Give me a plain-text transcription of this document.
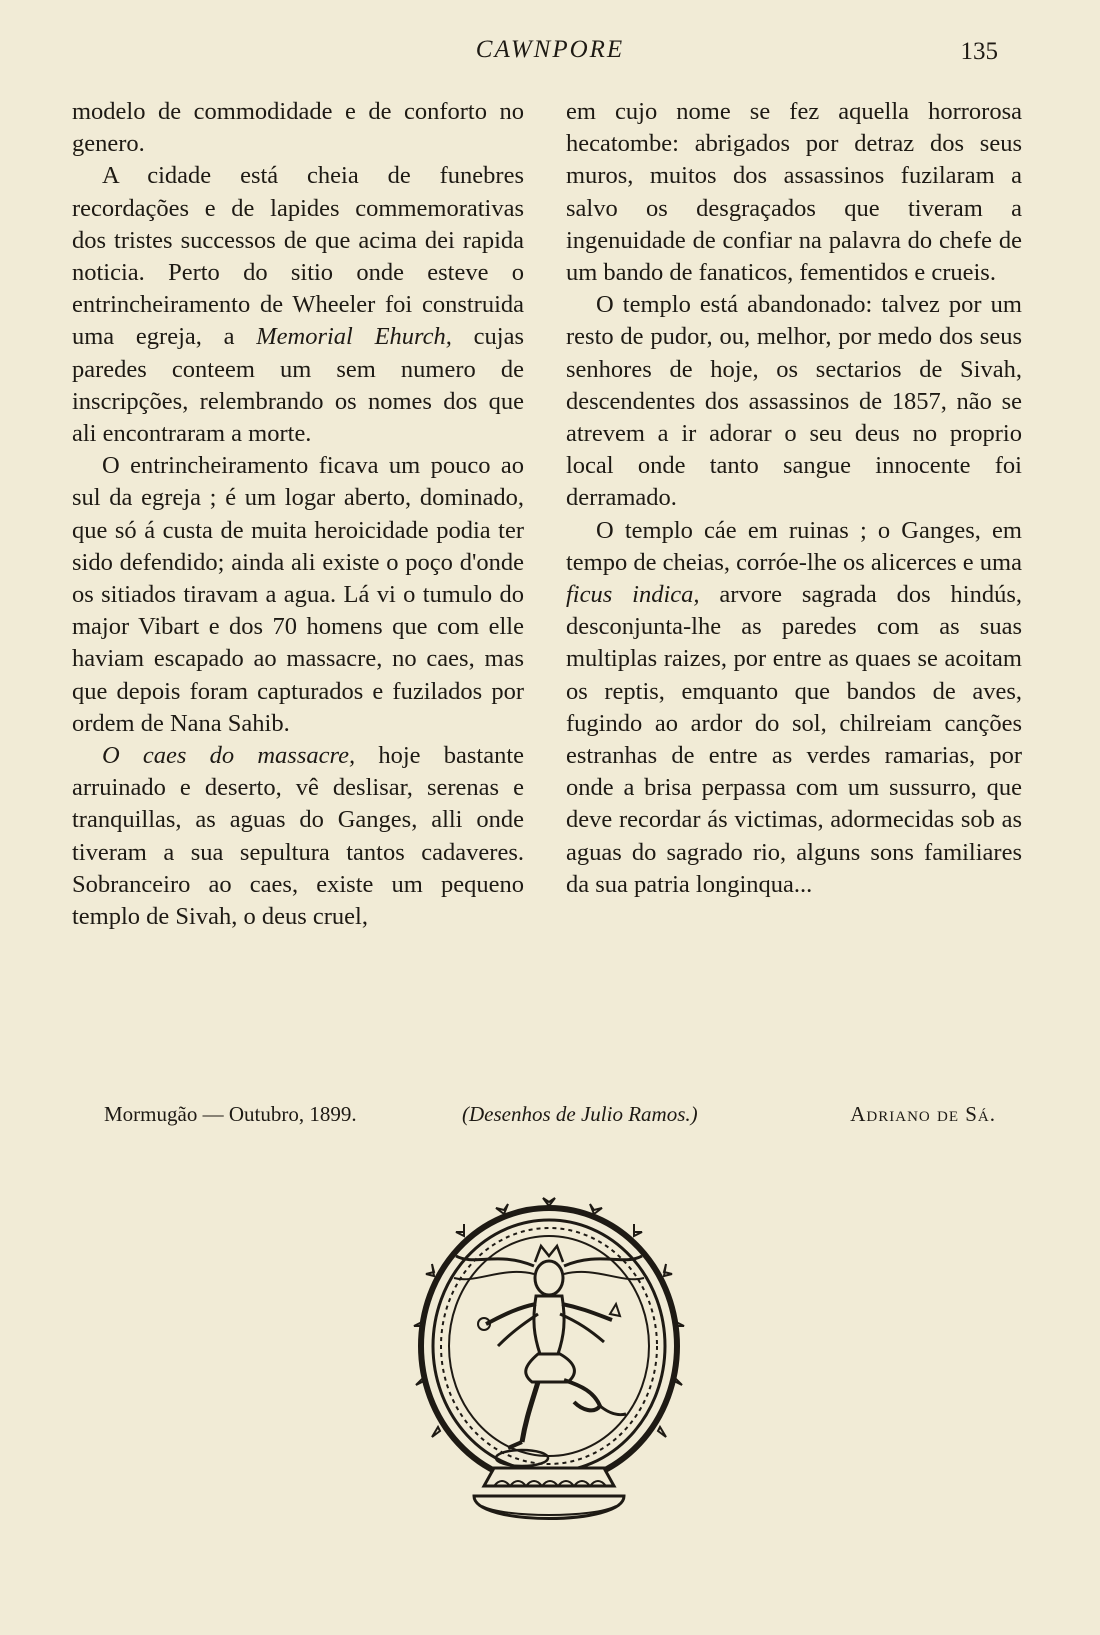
CAWNPORE	135

modelo de commodidade e de conforto no genero.

A cidade está cheia de funebres recordações e de lapides commemorativas dos tristes successos de que acima dei rapida noticia. Perto do sitio onde esteve o entrincheiramento de Wheeler foi construida uma egreja, a Memorial Ehurch, cujas paredes conteem um sem numero de inscripções, relembrando os nomes dos que ali encontraram a morte.

O entrincheiramento ficava um pouco ao sul da egreja ; é um logar aberto, dominado, que só á custa de muita heroicidade podia ter sido defendido; ainda ali existe o poço d'onde os sitiados tiravam a agua. Lá vi o tumulo do major Vibart e dos 70 homens que com elle haviam escapado ao massacre, no caes, mas que depois foram capturados e fuzilados por ordem de Nana Sahib.

O caes do massacre, hoje bastante arruinado e deserto, vê deslisar, serenas e tranquillas, as aguas do Ganges, alli onde tiveram a sua sepultura tantos cadaveres. Sobranceiro ao caes, existe um pequeno templo de Sivah, o deus cruel,

em cujo nome se fez aquella horrorosa hecatombe: abrigados por detraz dos seus muros, muitos dos assassinos fuzilaram a salvo os desgraçados que tiveram a ingenuidade de confiar na palavra do chefe de um bando de fanaticos, fementidos e crueis.

O templo está abandonado: talvez por um resto de pudor, ou, melhor, por medo dos seus senhores de hoje, os sectarios de Sivah, descendentes dos assassinos de 1857, não se atrevem a ir adorar o seu deus no proprio local onde tanto sangue innocente foi derramado.

O templo cáe em ruinas ; o Ganges, em tempo de cheias, corróe-lhe os alicerces e uma ficus indica, arvore sagrada dos hindús, desconjunta-lhe as paredes com as suas multiplas raizes, por entre as quaes se acoitam os reptis, emquanto que bandos de aves, fugindo ao ardor do sol, chilreiam canções estranhas de entre as verdes ramarias, por onde a brisa perpassa com um sussurro, que deve recordar ás victimas, adormecidas sob as aguas do sagrado rio, alguns sons familiares da sua patria longinqua...

Mormugão — Outubro, 1899.	(Desenhos de Julio Ramos.)	Adriano de Sá.
